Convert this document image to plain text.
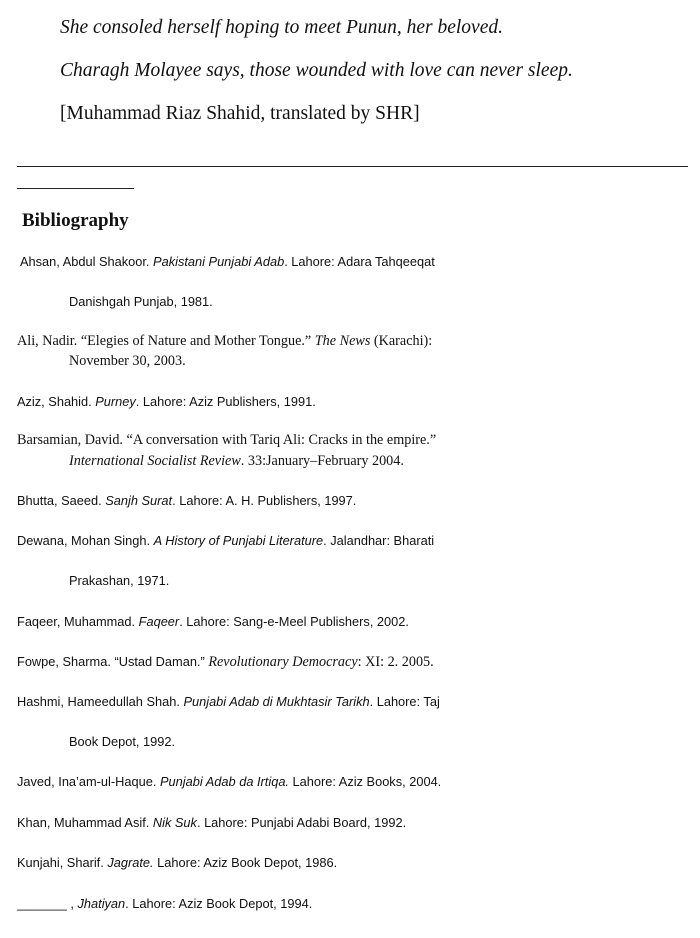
She consoled herself hoping to meet Punun, her beloved.
Charagh Molayee says, those wounded with love can never sleep.
[Muhammad Riaz Shahid, translated by SHR]
Bibliography
Ahsan, Abdul Shakoor. Pakistani Punjabi Adab. Lahore: Adara Tahqeeqat
Danishgah Punjab, 1981.
Ali, Nadir. “Elegies of Nature and Mother Tongue.” The News (Karachi):
November 30, 2003.
Aziz, Shahid. Purney. Lahore: Aziz Publishers, 1991.
Barsamian, David. “A conversation with Tariq Ali: Cracks in the empire.”
International Socialist Review. 33:January–February 2004.
Bhutta, Saeed. Sanjh Surat. Lahore: A. H. Publishers, 1997.
Dewana, Mohan Singh. A History of Punjabi Literature. Jalandhar: Bharati
Prakashan, 1971.
Faqeer, Muhammad. Faqeer. Lahore: Sang-e-Meel Publishers, 2002.
Fowpe, Sharma. “Ustad Daman.” Revolutionary Democracy: XI: 2. 2005.
Hashmi, Hameedullah Shah. Punjabi Adab di Mukhtasir Tarikh. Lahore: Taj
Book Depot, 1992.
Javed, Ina’am-ul-Haque. Punjabi Adab da Irtiqa. Lahore: Aziz Books, 2004.
Khan, Muhammad Asif. Nik Suk. Lahore: Punjabi Adabi Board, 1992.
Kunjahi, Sharif. Jagrate. Lahore: Aziz Book Depot, 1986.
_______ , Jhatiyan. Lahore: Aziz Book Depot, 1994.
